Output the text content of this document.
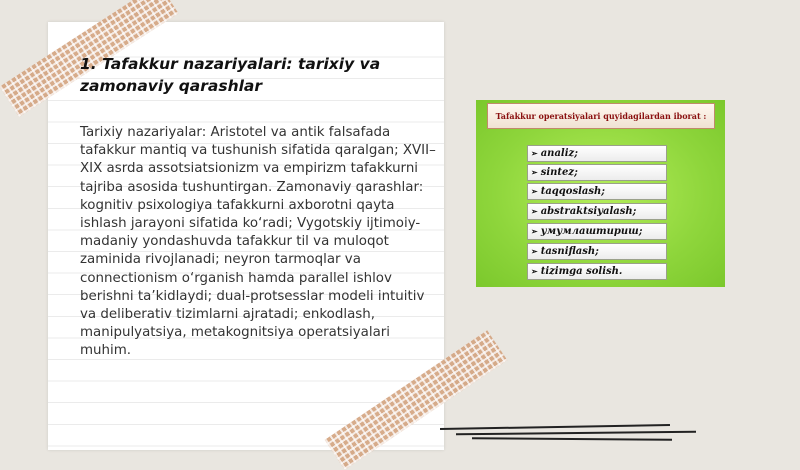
1. Tafakkur nazariyalari: tarixiy va zamonaviy qarashlar

Tarixiy nazariyalar: Aristotel va antik falsafada tafakkur mantiq va tushunish sifatida qaralgan; XVII–XIX asrda assotsiatsionizm va empirizm tafakkurni tajriba asosida tushuntirgan. Zamonaviy qarashlar: kognitiv psixologiya tafakkurni axborotni qayta ishlash jarayoni sifatida ko‘radi; Vygotskiy ijtimoiy-madaniy yondashuvda tafakkur til va muloqot zaminida rivojlanadi; neyron tarmoqlar va connectionism o‘rganish hamda parallel ishlov berishni ta’kidlaydi; dual-protsesslar modeli intuitiv va deliberativ tizimlarni ajratadi; enkodlash, manipulyatsiya, metakognitsiya operatsiyalari muhim.

Tafakkur operatsiyalari quyidagilardan iborat :
➢ analiz;
➢ sintez;
➢ taqqoslash;
➢ abstraktsiyalash;
➢ умумлаштириш;
➢ tasniflash;
➢ tizimga solish.
